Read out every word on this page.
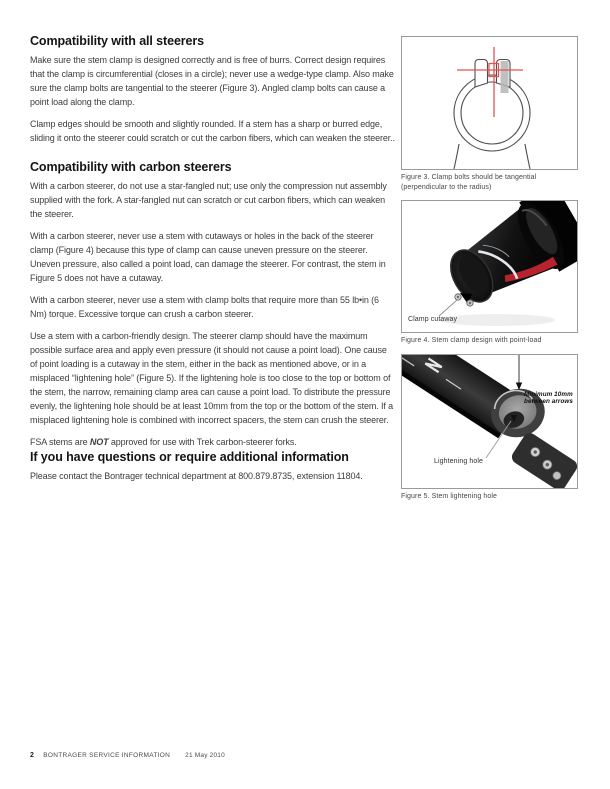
Compatibility with all steerers

Make sure the stem clamp is designed correctly and is free of burrs. Correct design requires that the clamp is circumferential (closes in a circle); never use a wedge-type clamp. Also make sure the clamp bolts are tangential to the steerer (Figure 3). Angled clamp bolts can cause a point load along the clamp.

Clamp edges should be smooth and slightly rounded. If a stem has a sharp or burred edge, sliding it onto the steerer could scratch or cut the carbon fibers, which can weaken the steerer..

Compatibility with carbon steerers

With a carbon steerer, do not use a star-fangled nut; use only the compression nut assembly supplied with the fork. A star-fangled nut can scratch or cut carbon fibers, which can weaken the steerer.

With a carbon steerer, never use a stem with cutaways or holes in the back of the steerer clamp (Figure 4) because this type of clamp can cause uneven pressure on the steerer. Uneven pressure, also called a point load, can damage the steerer. For contrast, the stem in Figure 5 does not have a cutaway.

With a carbon steerer, never use a stem with clamp bolts that require more than 55 lb•in (6 Nm) torque. Excessive torque can crush a carbon steerer.

Use a stem with a carbon-friendly design. The steerer clamp should have the maximum possible surface area and apply even pressure (it should not cause a point load). One cause of point loading is a cutaway in the stem, either in the back as mentioned above, or in a misplaced “lightening hole” (Figure 5). If the lightening hole is too close to the top or bottom of the stem, the narrow, remaining clamp area can cause a point load. To distribute the pressure evenly, the lightening hole should be at least 10mm from the top or the bottom of the stem. If a misplaced lightening hole is combined with incorrect spacers, the stem can crush the steerer.

FSA stems are NOT approved for use with Trek carbon-steerer forks.

If you have questions or require additional information

Please contact the Bontrager technical department at 800.879.8735, extension 11804.

Figure 3. Clamp bolts should be tangential (perpendicular to the radius)
Clamp cutaway
Figure 4. Stem clamp design with point-load
Minimum 10mm between arrows
Lightening hole
Figure 5. Stem lightening hole
2 BONTRAGER SERVICE INFORMATION 21 May 2010
